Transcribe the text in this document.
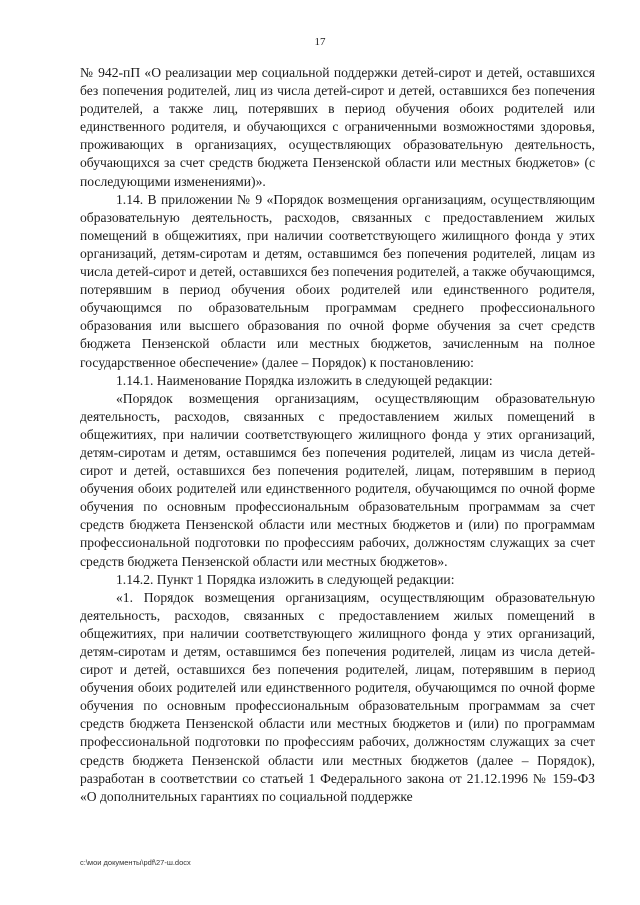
17

№ 942-пП «О реализации мер социальной поддержки детей-сирот и детей, оставшихся без попечения родителей, лиц из числа детей-сирот и детей, оставшихся без попечения родителей, а также лиц, потерявших в период обучения обоих родителей или единственного родителя, и обучающихся с ограниченными возможностями здоровья, проживающих в организациях, осуществляющих образовательную деятельность, обучающихся за счет средств бюджета Пензенской области или местных бюджетов» (с последующими изменениями)».

1.14. В приложении № 9 «Порядок возмещения организациям, осуществляющим образовательную деятельность, расходов, связанных с предоставлением жилых помещений в общежитиях, при наличии соответствующего жилищного фонда у этих организаций, детям-сиротам и детям, оставшимся без попечения родителей, лицам из числа детей-сирот и детей, оставшихся без попечения родителей, а также обучающимся, потерявшим в период обучения обоих родителей или единственного родителя, обучающимся по образовательным программам среднего профессионального образования или высшего образования по очной форме обучения за счет средств бюджета Пензенской области или местных бюджетов, зачисленным на полное государственное обеспечение» (далее – Порядок) к постановлению:

1.14.1. Наименование Порядка изложить в следующей редакции:

«Порядок возмещения организациям, осуществляющим образовательную деятельность, расходов, связанных с предоставлением жилых помещений в общежитиях, при наличии соответствующего жилищного фонда у этих организаций, детям-сиротам и детям, оставшимся без попечения родителей, лицам из числа детей-сирот и детей, оставшихся без попечения родителей, лицам, потерявшим в период обучения обоих родителей или единственного родителя, обучающимся по очной форме обучения по основным профессиональным образовательным программам за счет средств бюджета Пензенской области или местных бюджетов и (или) по программам профессиональной подготовки по профессиям рабочих, должностям служащих за счет средств бюджета Пензенской области или местных бюджетов».

1.14.2. Пункт 1 Порядка изложить в следующей редакции:

«1. Порядок возмещения организациям, осуществляющим образовательную деятельность, расходов, связанных с предоставлением жилых помещений в общежитиях, при наличии соответствующего жилищного фонда у этих организаций, детям-сиротам и детям, оставшимся без попечения родителей, лицам из числа детей-сирот и детей, оставшихся без попечения родителей, лицам, потерявшим в период обучения обоих родителей или единственного родителя, обучающимся по очной форме обучения по основным профессиональным образовательным программам за счет средств бюджета Пензенской области или местных бюджетов и (или) по программам профессиональной подготовки по профессиям рабочих, должностям служащих за счет средств бюджета Пензенской области или местных бюджетов (далее – Порядок), разработан в соответствии со статьей 1 Федерального закона от 21.12.1996 № 159-ФЗ «О дополнительных гарантиях по социальной поддержке

c:\мои документы\pdf\27-ш.docx
